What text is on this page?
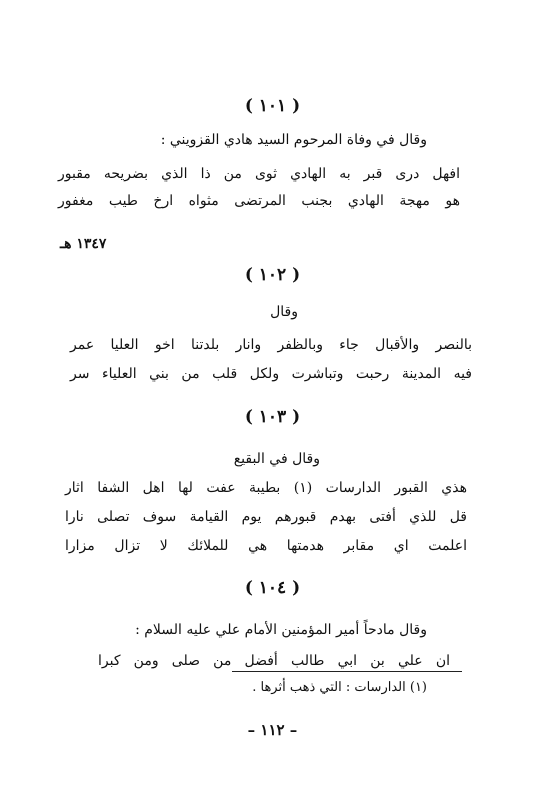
( ١٠١ )
وقال في وفاة المرحوم السيد هادي القزويني :
افهل درى قبر به الهادي ثوى من ذا الذي بضريحه مقبور
هو مهجة الهادي بجنب المرتضى مثواه ارخ طيب مغفور
١٣٤٧ هـ
( ١٠٢ )
وقال
بالنصر والأقبال جاء وبالظفر وانار بلدتنا اخو العليا عمر
فيه المدينة رحبت وتباشرت ولكل قلب من بني العلياء سر
( ١٠٣ )
وقال في البقيع
هذي القبور الدارسات (١) بطيبة عفت لها اهل الشفا اثار
قل للذي أفتى بهدم قبورهم يوم القيامة سوف تصلى نارا
اعلمت اي مقابر هدمتها هي للملائك لا تزال مزارا
( ١٠٤ )
وقال مادحاً أمير المؤمنين الأمام علي عليه السلام :
ان علي بن ابي طالب أفضل من صلى ومن كبرا
(١) الدارسات : التي ذهب أثرها .
– ١١٢ –
